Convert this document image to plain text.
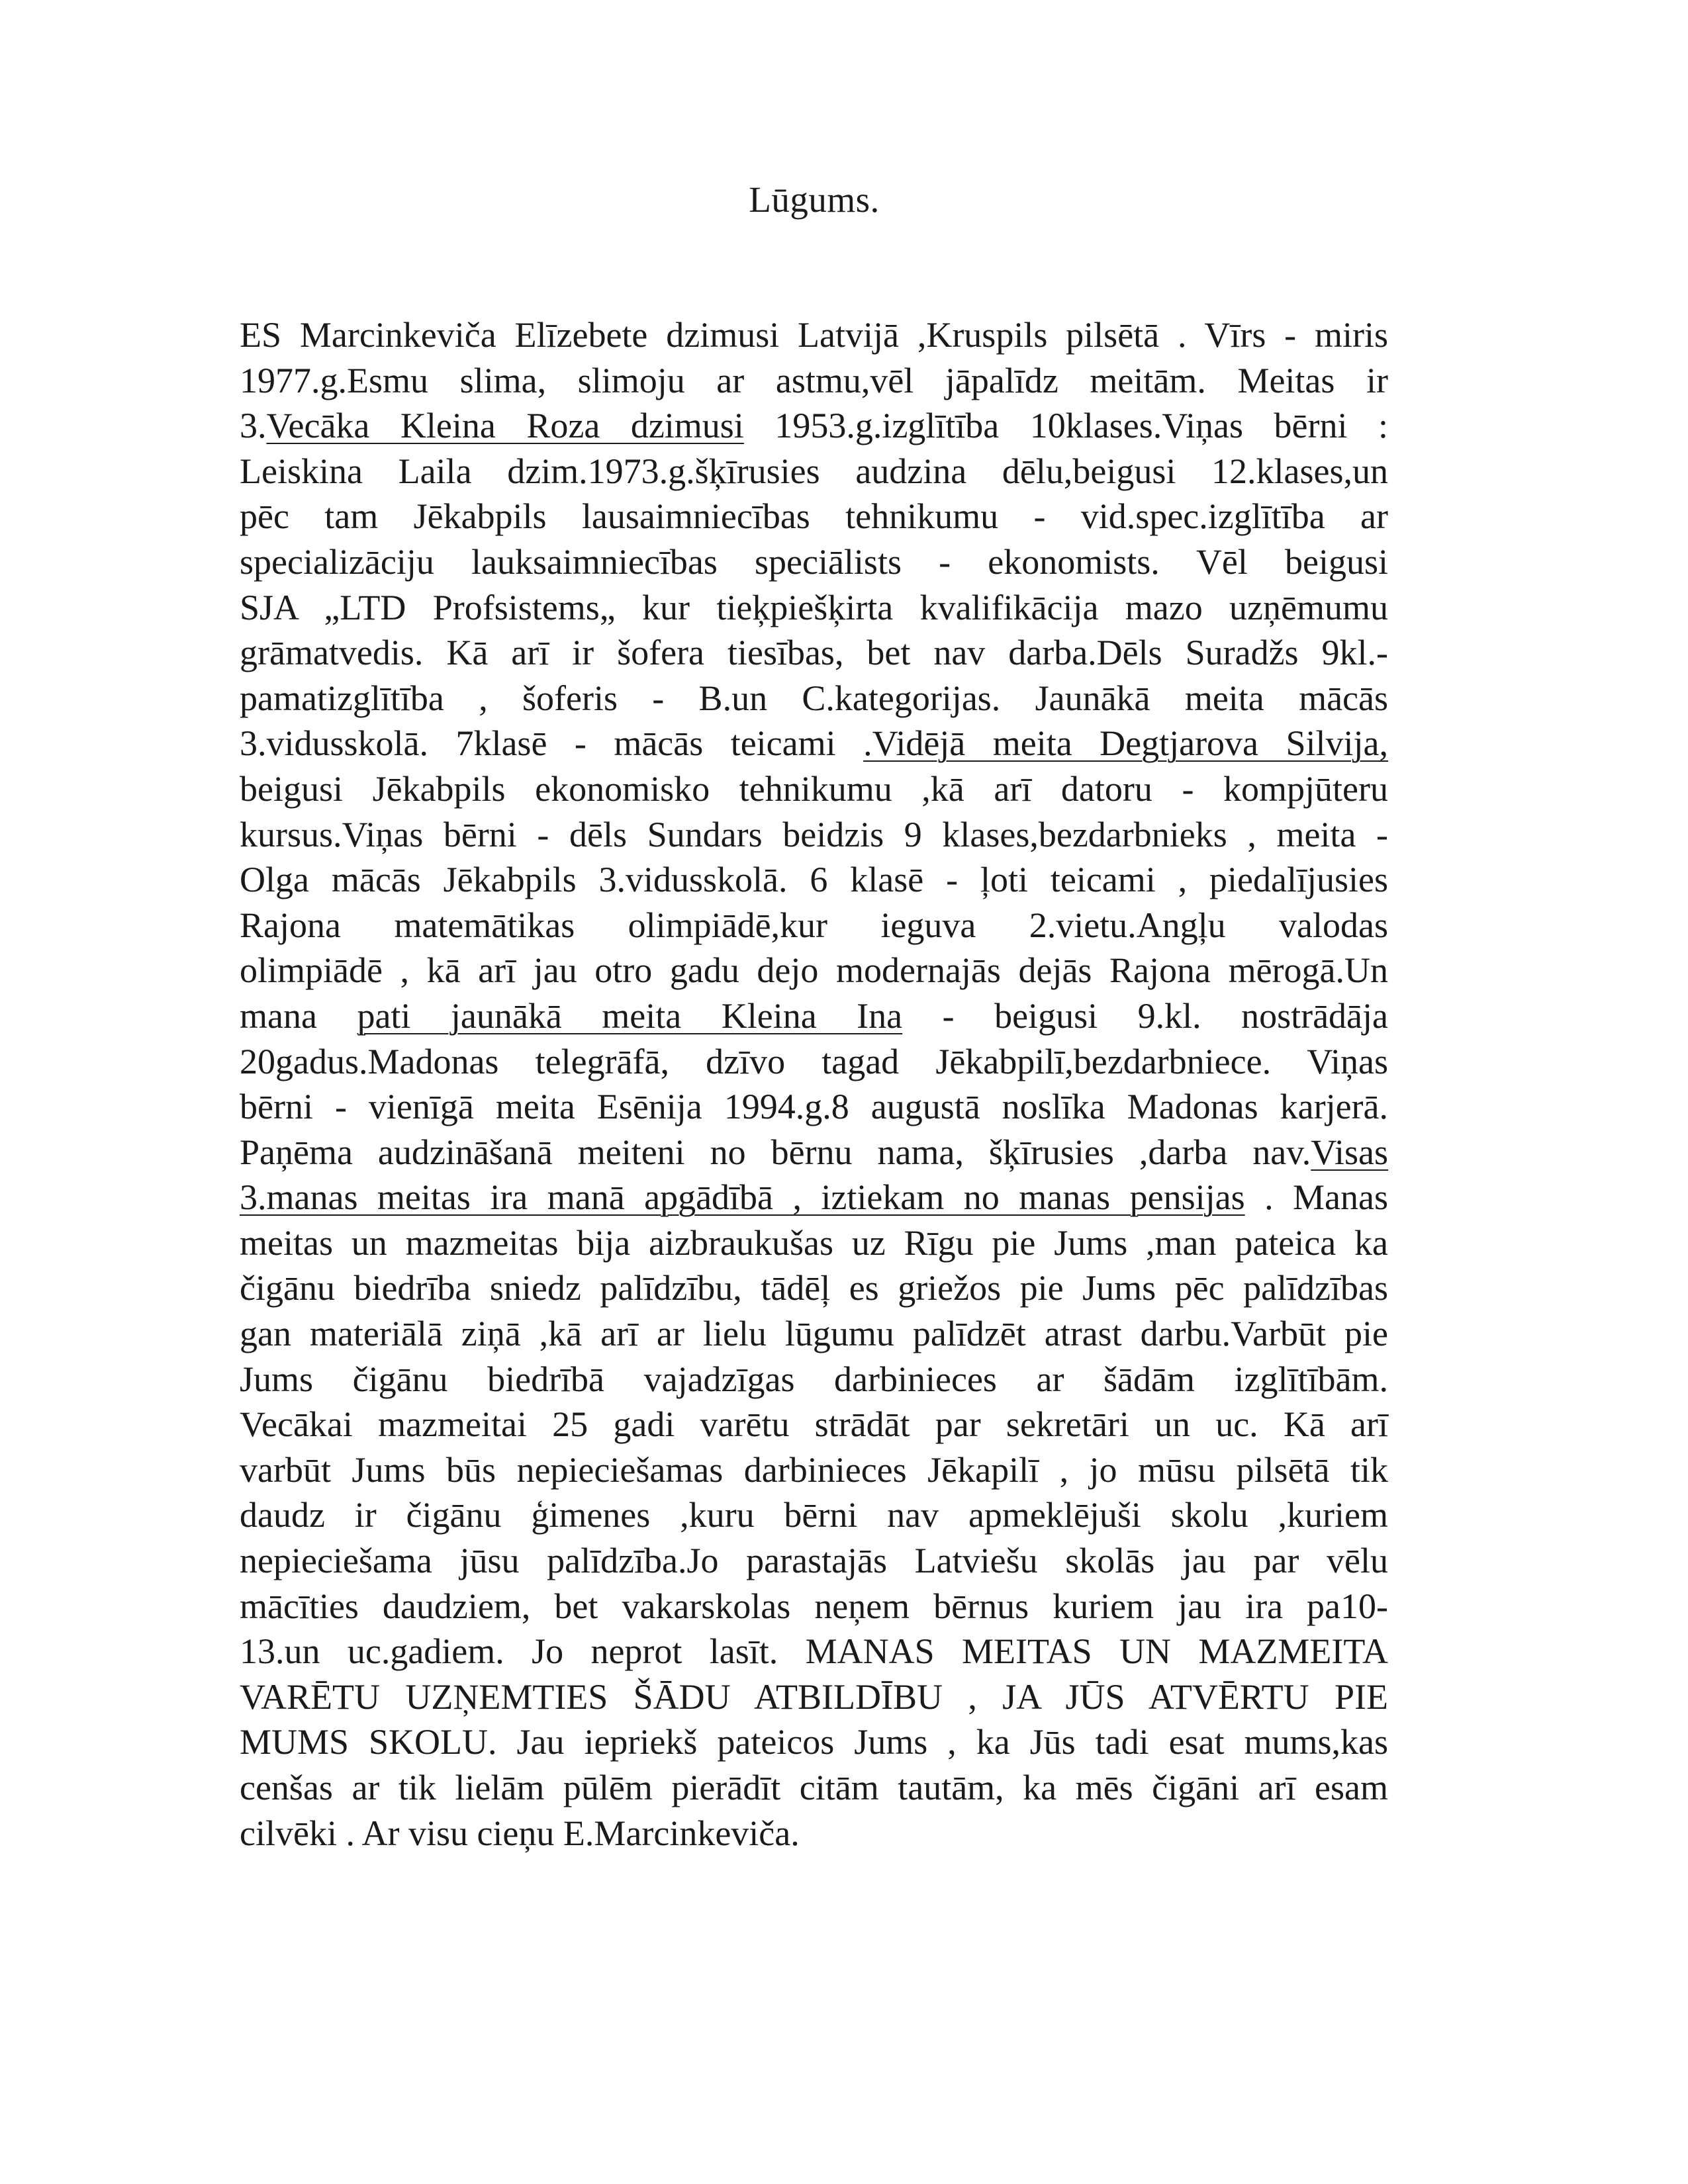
Lūgums.
ES Marcinkeviča Elīzebete dzimusi Latvijā ,Kruspils pilsētā . Vīrs - miris
1977.g.Esmu slima, slimoju ar astmu,vēl jāpalīdz meitām. Meitas ir
3.Vecāka Kleina Roza dzimusi 1953.g.izglītība 10klases.Viņas bērni :
Leiskina Laila dzim.1973.g.šķīrusies audzina dēlu,beigusi 12.klases,un
pēc tam Jēkabpils lausaimniecības tehnikumu - vid.spec.izglītība ar
specializāciju lauksaimniecības speciālists - ekonomists. Vēl beigusi
SJA „LTD Profsistems„ kur tieķpiešķirta kvalifikācija mazo uzņēmumu
grāmatvedis. Kā arī ir šofera tiesības, bet nav darba.Dēls Suradžs 9kl.-
pamatizglītība , šoferis - B.un C.kategorijas. Jaunākā meita mācās
3.vidusskolā. 7klasē - mācās teicami .Vidējā meita Degtjarova Silvija,
beigusi Jēkabpils ekonomisko tehnikumu ,kā arī datoru - kompjūteru
kursus.Viņas bērni - dēls Sundars beidzis 9 klases,bezdarbnieks , meita -
Olga mācās Jēkabpils 3.vidusskolā. 6 klasē - ļoti teicami , piedalījusies
Rajona matemātikas olimpiādē,kur ieguva 2.vietu.Angļu valodas
olimpiādē , kā arī jau otro gadu dejo modernajās dejās Rajona mērogā.Un
mana pati jaunākā meita Kleina Ina - beigusi 9.kl. nostrādāja
20gadus.Madonas telegrāfā, dzīvo tagad Jēkabpilī,bezdarbniece. Viņas
bērni - vienīgā meita Esēnija 1994.g.8 augustā noslīka Madonas karjerā.
Paņēma audzināšanā meiteni no bērnu nama, šķīrusies ,darba nav.Visas
3.manas meitas ira manā apgādībā , iztiekam no manas pensijas . Manas
meitas un mazmeitas bija aizbraukušas uz Rīgu pie Jums ,man pateica ka
čigānu biedrība sniedz palīdzību, tādēļ es griežos pie Jums pēc palīdzības
gan materiālā ziņā ,kā arī ar lielu lūgumu palīdzēt atrast darbu.Varbūt pie
Jums čigānu biedrībā vajadzīgas darbinieces ar šādām izglītībām.
Vecākai mazmeitai 25 gadi varētu strādāt par sekretāri un uc. Kā arī
varbūt Jums būs nepieciešamas darbinieces Jēkapilī , jo mūsu pilsētā tik
daudz ir čigānu ģimenes ,kuru bērni nav apmeklējuši skolu ,kuriem
nepieciešama jūsu palīdzība.Jo parastajās Latviešu skolās jau par vēlu
mācīties daudziem, bet vakarskolas neņem bērnus kuriem jau ira pa10-
13.un uc.gadiem. Jo neprot lasīt. MANAS MEITAS UN MAZMEITA
VARĒTU UZŅEMTIES ŠĀDU ATBILDĪBU , JA JŪS ATVĒRTU PIE
MUMS SKOLU. Jau iepriekš pateicos Jums , ka Jūs tadi esat mums,kas
cenšas ar tik lielām pūlēm pierādīt citām tautām, ka mēs čigāni arī esam
cilvēki . Ar visu cieņu E.Marcinkeviča.
